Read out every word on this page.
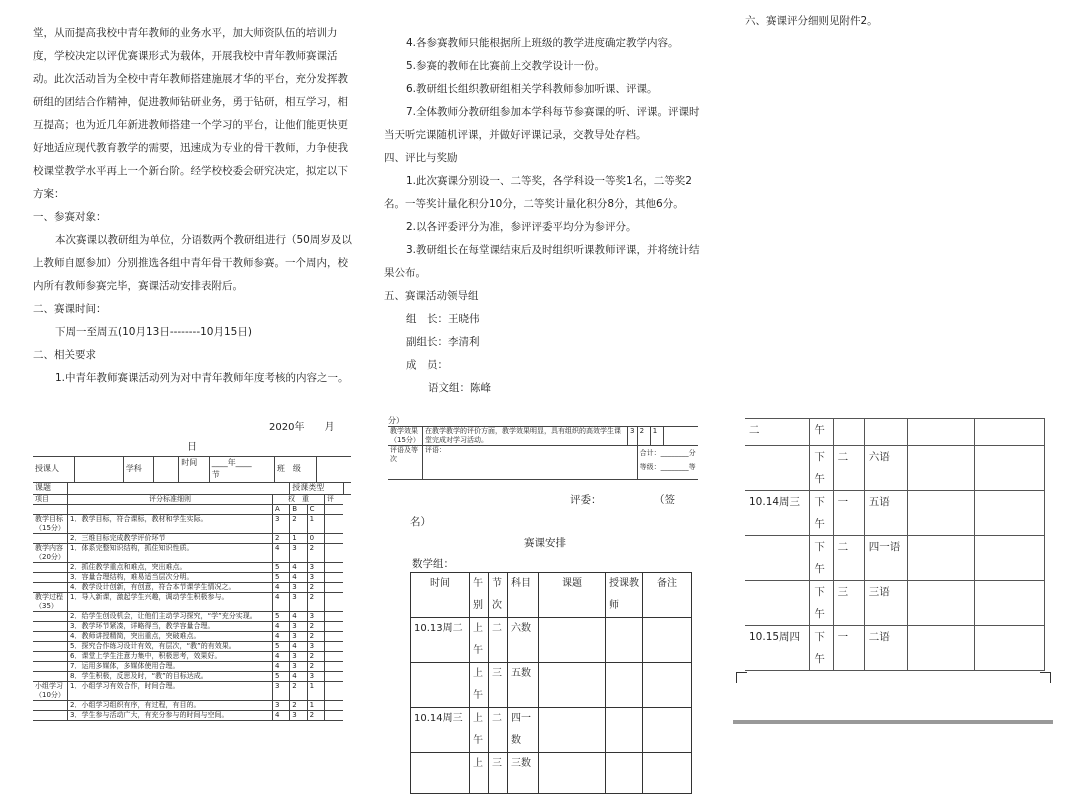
堂，从而提高我校中青年教师的业务水平，加大师资队伍的培训力

度，学校决定以评优赛课形式为载体，开展我校中青年教师赛课活

动。此次活动旨为全校中青年教师搭建施展才华的平台，充分发挥教

研组的团结合作精神，促进教师钻研业务，勇于钻研，相互学习，相

互提高；也为近几年新进教师搭建一个学习的平台，让他们能更快更

好地适应现代教育教学的需要，迅速成为专业的骨干教师，力争使我

校课堂教学水平再上一个新台阶。经学校校委会研究决定，拟定以下

方案：

一、参赛对象：

本次赛课以教研组为单位，分语数两个教研组进行（50周岁及以

上教师自愿参加）分别推选各组中青年骨干教师参赛。一个周内，校

内所有教师参赛完毕，赛课活动安排表附后。

二、赛课时间：

下周一至周五(10月13日--------10月15日)

二、相关要求

1.中青年教师赛课活动列为对中青年教师年度考核的内容之一。

4.各参赛教师只能根据所上班级的教学进度确定教学内容。

5.参赛的教师在比赛前上交教学设计一份。

6.教研组长组织教研组相关学科教师参加听课、评课。

7.全体教师分教研组参加本学科每节参赛课的听、评课。评课时

当天听完课随机评课，并做好评课记录，交教导处存档。

四、评比与奖励

1.此次赛课分别设一、二等奖，各学科设一等奖1名，二等奖2

名。一等奖计量化积分10分，二等奖计量化积分8分，其他6分。

2.以各评委评分为准，参评评委平均分为参评分。

3.教研组长在每堂课结束后及时组织听课教师评课，并将统计结

果公布。

五、赛课活动领导组

组　长：王晓伟

副组长：李清利

成　员：

语文组：陈峰

六、赛课评分细则见附件2。

2020年　　月
日
授课人		学科		时间	____年____
节	班　级	
课题			授课类型			
项目	评分标准细则	权　重			评	
		A	B	C		
教学目标（15分）	1．教学目标，符合课标，教材和学生实际。	3	2	1		
	2．三维目标完成教学评价环节	2	1	0		
教学内容（20分）	1．体系完整知识结构，抓住知识性质。	4	3	2		
	2．抓住教学重点和难点，突出难点。	5	4	3		
	3．容量合理结构，难易适当层次分明。	5	4	3		
	4．教学设计创新，有创意，符合本节课学生情况之。	4	3	2		
教学过程（35）	1．导入新课，激起学生兴趣，调动学生积极参与。	4	3	2		
	2．给学生创设机会，让他们主动学习探究，“学”充分实现。	5	4	3		
	3．教学环节紧凑，详略得当，教学容量合理。	4	3	2		
	4．教师讲授精简，突出重点，突破难点。	4	3	2		
	5．探究合作练习设计有效，有层次，“教”的有效果。	5	4	3		
	6．课堂上学生注意力集中，积极思考，效果好。	4	3	2		
	7．运用多媒体，多媒体使用合理。	4	3	2		
	8．学生积极，反思及时，“教”的目标达成。	5	4	3		
小组学习（10分）	1．小组学习有效合作，时间合理。	3	2	1		
	2．小组学习组织有序，有过程，有目的。	3	2	1		
	3．学生参与活动广大，有充分参与的时间与空间。	4	3	2		
分）
教学效果（15分）	在教学教学的评价方面，教学效果明显，具有组织的高效学生课堂完成对学习活动。	3	2	1	
评语及等次	评语：		合计：________分
等级：________等		
评委：　　　　　　（签
名）
赛课安排
数学组：
时间	午别	节次	科目	课题	授课教师	备注
10.13周二	上午	二	六数			
	上午	三	五数			
10.14周三	上午	二	四一数			
	上	三	三数			
二	午				
	下午	二	六语		
10.14周三	下午	一	五语		
	下午	二	四一语		
	下午	三	三语		
10.15周四	下午	一	二语		
